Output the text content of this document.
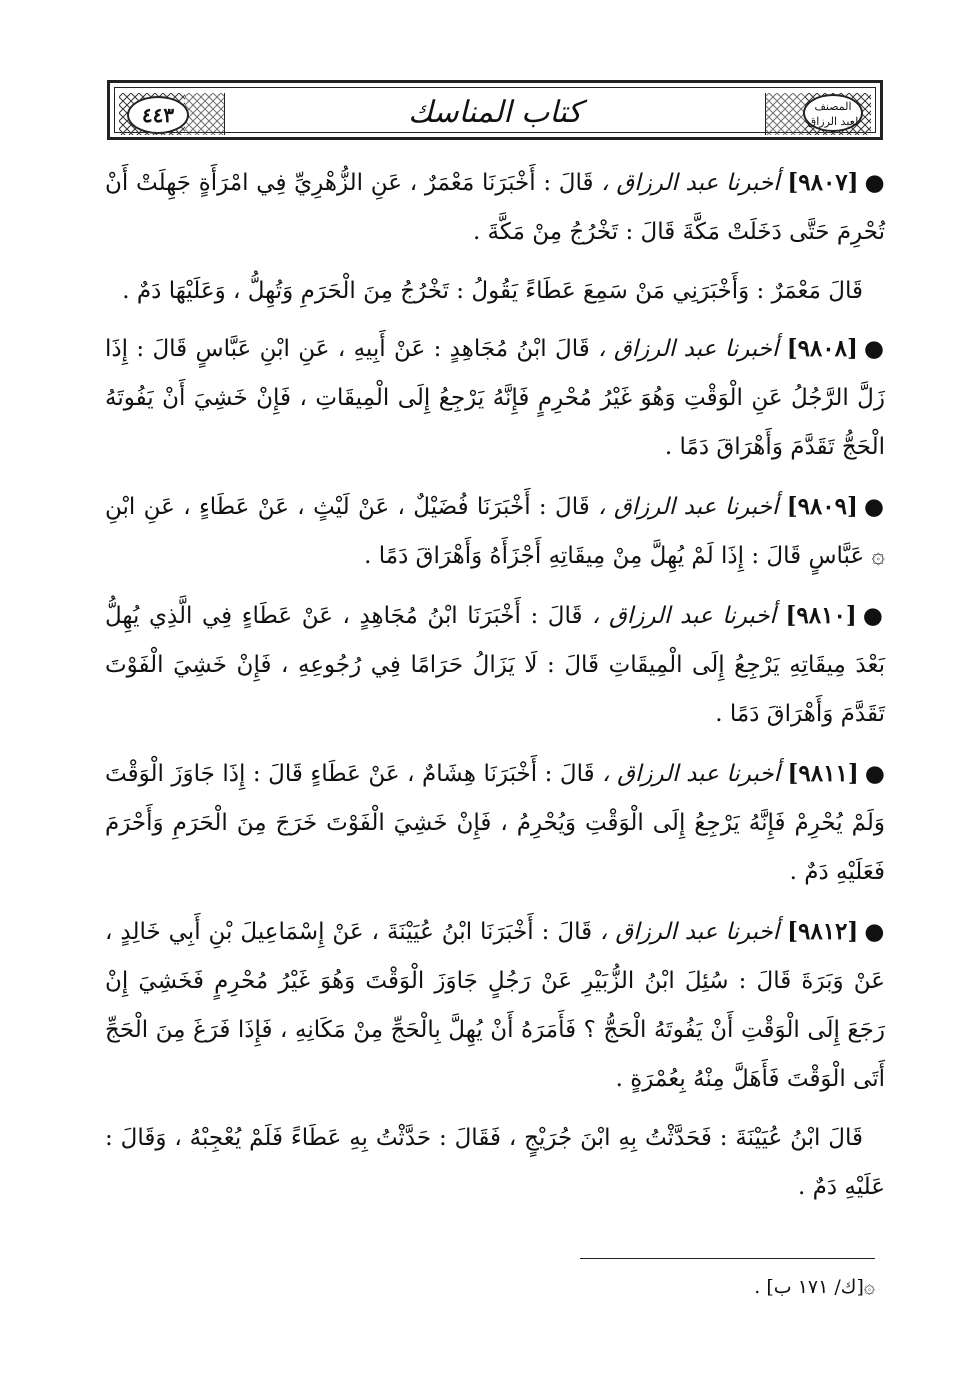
٤٤٣	كتاب المناسك	المصنف لعبد الرزاق

●[٩٨٠٧] أخبرنا عبد الرزاق ، قَالَ : أَخْبَرَنَا مَعْمَرٌ ، عَنِ الزُّهْرِيِّ فِي امْرَأَةٍ جَهِلَتْ أَنْ تُحْرِمَ حَتَّى دَخَلَتْ مَكَّةَ قَالَ : تَخْرُجُ مِنْ مَكَّةَ .

قَالَ مَعْمَرٌ : وَأَخْبَرَنِي مَنْ سَمِعَ عَطَاءً يَقُولُ : تَخْرُجُ مِنَ الْحَرَمِ وَتُهِلُّ ، وَعَلَيْهَا دَمٌ .

●[٩٨٠٨] أخبرنا عبد الرزاق ، قَالَ ابْنُ مُجَاهِدٍ : عَنْ أَبِيهِ ، عَنِ ابْنِ عَبَّاسٍ قَالَ : إِذَا زَلَّ الرَّجُلُ عَنِ الْوَقْتِ وَهُوَ غَيْرُ مُحْرِمٍ فَإِنَّهُ يَرْجِعُ إِلَى الْمِيقَاتِ ، فَإِنْ خَشِيَ أَنْ يَفُوتَهُ الْحَجُّ تَقَدَّمَ وَأَهْرَاقَ دَمًا .

●[٩٨٠٩] أخبرنا عبد الرزاق ، قَالَ : أَخْبَرَنَا فُضَيْلٌ ، عَنْ لَيْثٍ ، عَنْ عَطَاءٍ ، عَنِ ابْنِ ۞ عَبَّاسٍ قَالَ : إِذَا لَمْ يُهِلَّ مِنْ مِيقَاتِهِ أَجْزَأَهُ وَأَهْرَاقَ دَمًا .

●[٩٨١٠] أخبرنا عبد الرزاق ، قَالَ : أَخْبَرَنَا ابْنُ مُجَاهِدٍ ، عَنْ عَطَاءٍ فِي الَّذِي يُهِلُّ بَعْدَ مِيقَاتِهِ يَرْجِعُ إِلَى الْمِيقَاتِ قَالَ : لَا يَزَالُ حَرَامًا فِي رُجُوعِهِ ، فَإِنْ خَشِيَ الْفَوْتَ تَقَدَّمَ وَأَهْرَاقَ دَمًا .

●[٩٨١١] أخبرنا عبد الرزاق ، قَالَ : أَخْبَرَنَا هِشَامٌ ، عَنْ عَطَاءٍ قَالَ : إِذَا جَاوَزَ الْوَقْتَ وَلَمْ يُحْرِمْ فَإِنَّهُ يَرْجِعُ إِلَى الْوَقْتِ وَيُحْرِمُ ، فَإِنْ خَشِيَ الْفَوْتَ خَرَجَ مِنَ الْحَرَمِ وَأَحْرَمَ فَعَلَيْهِ دَمٌ .

●[٩٨١٢] أخبرنا عبد الرزاق ، قَالَ : أَخْبَرَنَا ابْنُ عُيَيْنَةَ ، عَنْ إِسْمَاعِيلَ بْنِ أَبِي خَالِدٍ ، عَنْ وَبَرَةَ قَالَ : سُئِلَ ابْنُ الزُّبَيْرِ عَنْ رَجُلٍ جَاوَزَ الْوَقْتَ وَهُوَ غَيْرُ مُحْرِمٍ فَخَشِيَ إِنْ رَجَعَ إِلَى الْوَقْتِ أَنْ يَفُوتَهُ الْحَجُّ ؟ فَأَمَرَهُ أَنْ يُهِلَّ بِالْحَجِّ مِنْ مَكَانِهِ ، فَإِذَا فَرَغَ مِنَ الْحَجِّ أَتَى الْوَقْتَ فَأَهَلَّ مِنْهُ بِعُمْرَةٍ .

قَالَ ابْنُ عُيَيْنَةَ : فَحَدَّثْتُ بِهِ ابْنَ جُرَيْجٍ ، فَقَالَ : حَدَّثْتُ بِهِ عَطَاءً فَلَمْ يُعْجِبْهُ ، وَقَالَ : عَلَيْهِ دَمٌ .

۞[ك/ ١٧١ ب] .
